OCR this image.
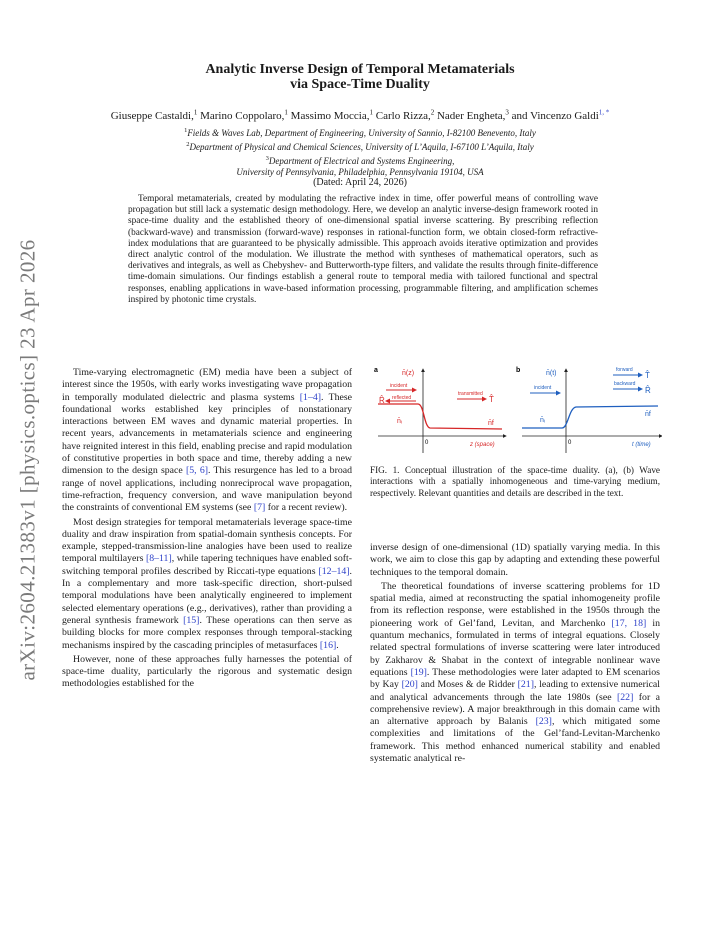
arXiv:2604.21383v1 [physics.optics] 23 Apr 2026
Analytic Inverse Design of Temporal Metamaterials
via Space-Time Duality
Giuseppe Castaldi,$^1$ Marino Coppolaro,$^1$ Massimo Moccia,$^1$ Carlo Rizza,$^2$ Nader Engheta,$^3$ and Vincenzo Galdi$^{1, *}$
$^1$Fields & Waves Lab, Department of Engineering, University of Sannio, I-82100 Benevento, Italy
$^2$Department of Physical and Chemical Sciences, University of L’Aquila, I-67100 L’Aquila, Italy
$^3$Department of Electrical and Systems Engineering,
University of Pennsylvania, Philadelphia, Pennsylvania 19104, USA
(Dated: April 24, 2026)
Temporal metamaterials, created by modulating the refractive index in time, offer powerful means of controlling wave propagation but still lack a systematic design methodology. Here, we develop an analytic inverse-design framework rooted in space-time duality and the established theory of one-dimensional spatial inverse scattering. By prescribing reflection (backward-wave) and transmission (forward-wave) responses in rational-function form, we obtain closed-form refractive-index modulations that are guaranteed to be physically admissible. This approach avoids iterative optimization and provides direct analytic control of the modulation. We illustrate the method with syntheses of mathematical operators, such as derivatives and integrals, as well as Chebyshev- and Butterworth-type filters, and validate the results through finite-difference time-domain simulations. Our findings establish a general route to temporal media with tailored functional and spectral responses, enabling applications in wave-based information processing, programmable filtering, and amplification schemes inspired by photonic time crystals.

Time-varying electromagnetic (EM) media have been a subject of interest since the 1950s, with early works investigating wave propagation in temporally modulated dielectric and plasma systems [1–4]. These foundational works established key principles of nonstationary interactions between EM waves and dynamic material properties. In recent years, advancements in metamaterials science and engineering have reignited interest in this field, enabling precise and rapid modulation of constitutive properties in both space and time, thereby adding a new dimension to the design space [5, 6]. This resurgence has led to a broad range of novel applications, including nonreciprocal wave propagation, time-refraction, frequency conversion, and wave manipulation beyond the constraints of conventional EM systems (see [7] for a recent review).

Most design strategies for temporal metamaterials leverage space-time duality and draw inspiration from spatial-domain synthesis concepts. For example, stepped-transmission-line analogies have been used to realize temporal multilayers [8–11], while tapering techniques have enabled soft-switching temporal profiles described by Riccati-type equations [12–14]. In a complementary and more task-specific direction, short-pulsed temporal modulations have been analytically engineered to implement selected elementary operations (e.g., derivatives), rather than providing a general synthesis framework [15]. These operations can then serve as building blocks for more complex responses through temporal-stacking mechanisms inspired by the cascading principles of metasurfaces [16].

However, none of these approaches fully harnesses the potential of space-time duality, particularly the rigorous and systematic design methodologies established for the

a	n̄(z)
incident
reflected
R̂
transmitted
T̂
n̄ᵢ	n̄f
0	z (space)
b	n̄(t)
incident
forward
T̂
backward
R̂
n̄ᵢ
n̄f
0	t (time)
FIG. 1. Conceptual illustration of the space-time duality. (a), (b) Wave interactions with a spatially inhomogeneous and time-varying medium, respectively. Relevant quantities and details are described in the text.

inverse design of one-dimensional (1D) spatially varying media. In this work, we aim to close this gap by adapting and extending these powerful techniques to the temporal domain.

The theoretical foundations of inverse scattering problems for 1D spatial media, aimed at reconstructing the spatial inhomogeneity profile from its reflection response, were established in the 1950s through the pioneering work of Gel’fand, Levitan, and Marchenko [17, 18] in quantum mechanics, formulated in terms of integral equations. Closely related spectral formulations of inverse scattering were later introduced by Zakharov & Shabat in the context of integrable nonlinear wave equations [19]. These methodologies were later adapted to EM scenarios by Kay [20] and Moses & de Ridder [21], leading to extensive numerical and analytical advancements through the late 1980s (see [22] for a comprehensive review). A major breakthrough in this domain came with an alternative approach by Balanis [23], which mitigated some complexities and limitations of the Gel’fand-Levitan-Marchenko framework. This method enhanced numerical stability and enabled systematic analytical re-
